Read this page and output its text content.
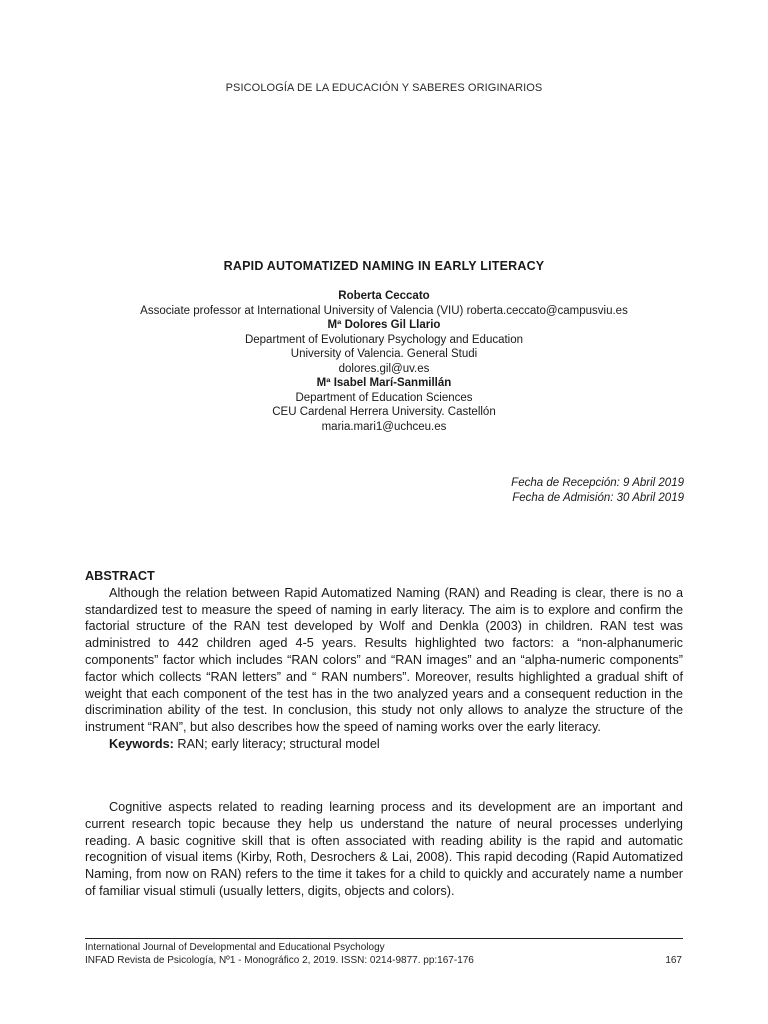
PSICOLOGÍA DE LA EDUCACIÓN Y SABERES ORIGINARIOS
RAPID AUTOMATIZED NAMING IN EARLY LITERACY
Roberta Ceccato
Associate professor at International University of Valencia (VIU) roberta.ceccato@campusviu.es
Mª Dolores Gil Llario
Department of Evolutionary Psychology and Education
University of Valencia. General Studi
dolores.gil@uv.es
Mª Isabel Marí-Sanmillán
Department of Education Sciences
CEU Cardenal Herrera University. Castellón
maria.mari1@uchceu.es
Fecha de Recepción: 9 Abril 2019
Fecha de Admisión: 30 Abril 2019
ABSTRACT

Although the relation between Rapid Automatized Naming (RAN) and Reading is clear, there is no a standardized test to measure the speed of naming in early literacy. The aim is to explore and confirm the factorial structure of the RAN test developed by Wolf and Denkla (2003) in children. RAN test was administred to 442 children aged 4-5 years. Results highlighted two factors: a “non-alphanumeric components” factor which includes “RAN colors” and “RAN images” and an “alpha-numeric components” factor which collects “RAN letters” and “ RAN numbers”. Moreover, results highlighted a gradual shift of weight that each component of the test has in the two analyzed years and a consequent reduction in the discrimination ability of the test. In conclusion, this study not only allows to analyze the structure of the instrument “RAN”, but also describes how the speed of naming works over the early literacy.

Keywords: RAN; early literacy; structural model

Cognitive aspects related to reading learning process and its development are an important and current research topic because they help us understand the nature of neural processes underlying reading. A basic cognitive skill that is often associated with reading ability is the rapid and automatic recognition of visual items (Kirby, Roth, Desrochers & Lai, 2008). This rapid decoding (Rapid Automatized Naming, from now on RAN) refers to the time it takes for a child to quickly and accurately name a number of familiar visual stimuli (usually letters, digits, objects and colors).

International Journal of Developmental and Educational Psychology
INFAD Revista de Psicología, Nº1 - Monográfico 2, 2019. ISSN: 0214-9877. pp:167-176	167
